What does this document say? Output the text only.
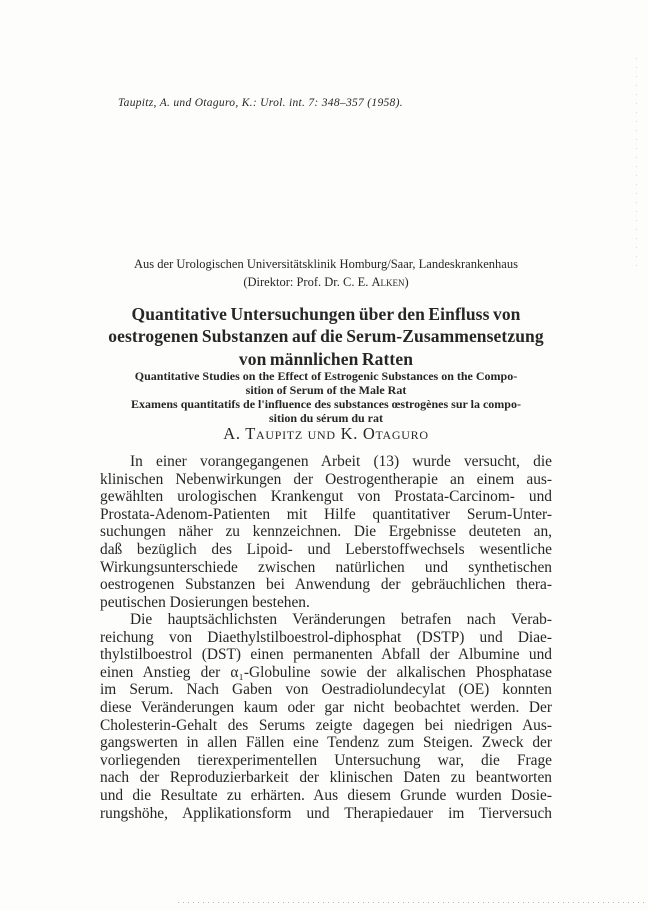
Taupitz, A. und Otaguro, K.: Urol. int. 7: 348–357 (1958).
Aus der Urologischen Universitätsklinik Homburg/Saar, Landeskrankenhaus
(Direktor: Prof. Dr. C. E. Alken)
Quantitative Untersuchungen über den Einfluss von
oestrogenen Substanzen auf die Serum-Zusammensetzung
von männlichen Ratten
Quantitative Studies on the Effect of Estrogenic Substances on the Compo-
sition of Serum of the Male Rat
Examens quantitatifs de l'influence des substances œstrogènes sur la compo-
sition du sérum du rat
A. Taupitz und K. Otaguro
In einer vorangegangenen Arbeit (13) wurde versucht, die
klinischen Nebenwirkungen der Oestrogentherapie an einem aus-
gewählten urologischen Krankengut von Prostata-Carcinom- und
Prostata-Adenom-Patienten mit Hilfe quantitativer Serum-Unter-
suchungen näher zu kennzeichnen. Die Ergebnisse deuteten an,
daß bezüglich des Lipoid- und Leberstoffwechsels wesentliche
Wirkungsunterschiede zwischen natürlichen und synthetischen
oestrogenen Substanzen bei Anwendung der gebräuchlichen thera-
peutischen Dosierungen bestehen.
Die hauptsächlichsten Veränderungen betrafen nach Verab-
reichung von Diaethylstilboestrol-diphosphat (DSTP) und Diae-
thylstilboestrol (DST) einen permanenten Abfall der Albumine und
einen Anstieg der α₁-Globuline sowie der alkalischen Phosphatase
im Serum. Nach Gaben von Oestradiolundecylat (OE) konnten
diese Veränderungen kaum oder gar nicht beobachtet werden. Der
Cholesterin-Gehalt des Serums zeigte dagegen bei niedrigen Aus-
gangswerten in allen Fällen eine Tendenz zum Steigen. Zweck der
vorliegenden tierexperimentellen Untersuchung war, die Frage
nach der Reproduzierbarkeit der klinischen Daten zu beantworten
und die Resultate zu erhärten. Aus diesem Grunde wurden Dosie-
rungshöhe, Applikationsform und Therapiedauer im Tierversuch
